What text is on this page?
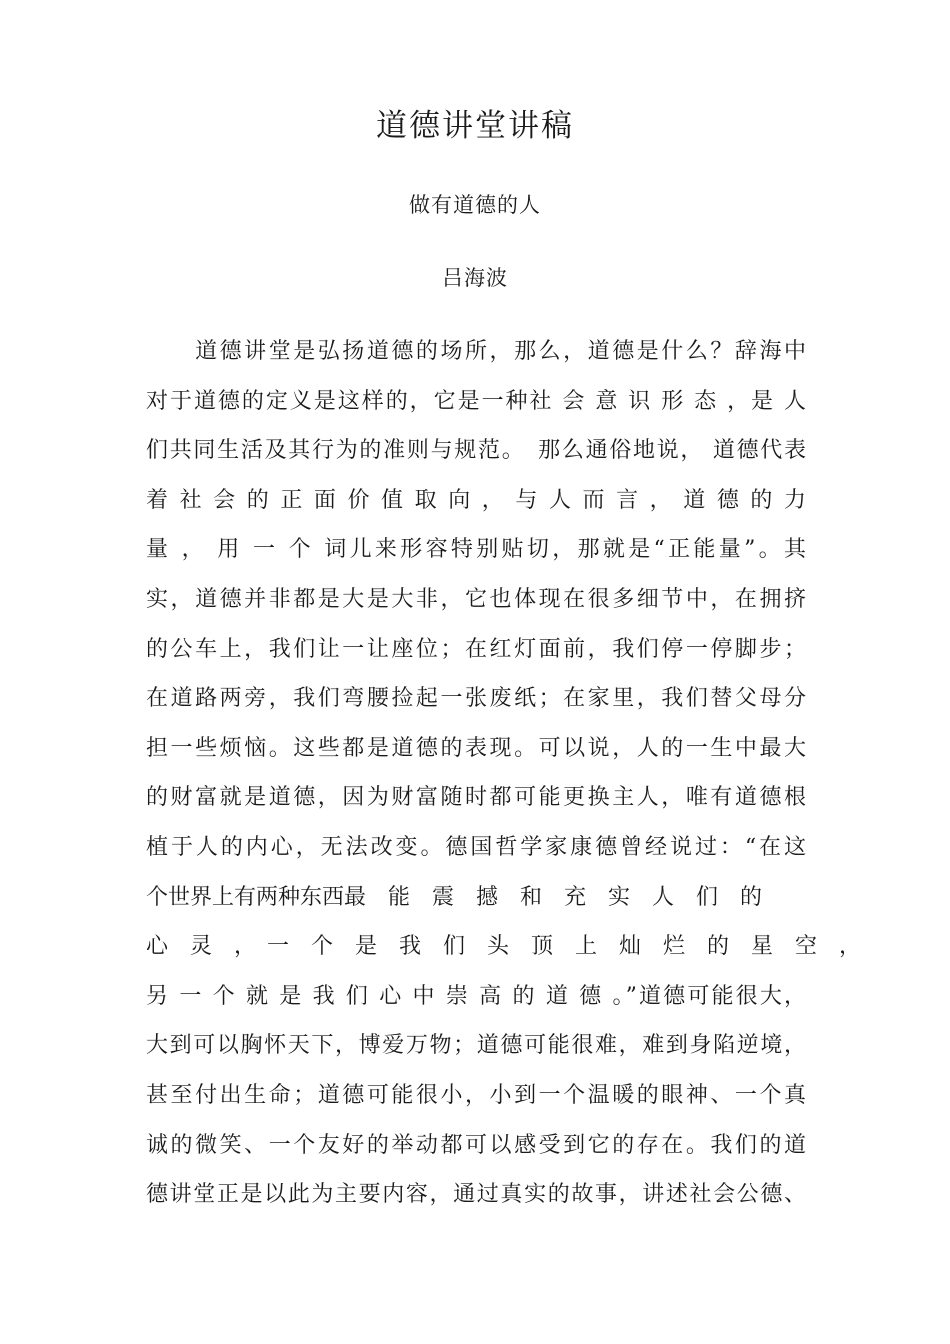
道德讲堂讲稿
做有道德的人
吕海波
　　道德讲堂是弘扬道德的场所，那么，道德是什么？辞海中
对于道德的定义是这样的，它是一种社 会 意 识 形 态 ，是 人
们共同生活及其行为的准则与规范。　那么通俗地说， 道德代表
着 社 会 的 正 面 价 值 取 向 ， 与 人 而 言 ， 道 德 的 力
量 ， 用 一 个 词儿来形容特别贴切，那就是“正能量”。其
实，道德并非都是大是大非，它也体现在很多细节中，在拥挤
的公车上，我们让一让座位；在红灯面前，我们停一停脚步；
在道路两旁，我们弯腰捡起一张废纸；在家里，我们替父母分
担一些烦恼。这些都是道德的表现。可以说，人的一生中最大
的财富就是道德，因为财富随时都可能更换主人，唯有道德根
植于人的内心，无法改变。德国哲学家康德曾经说过：“在这
个世界上有两种东西最　能　震　撼　和　充　实　人　们　的
心　灵　，　一　个　是　我　们　头　顶　上　灿　烂　的　星　空　，
另 一 个 就 是 我 们 心 中 崇 高 的 道 德 。”道德可能很大，
大到可以胸怀天下，博爱万物；道德可能很难，难到身陷逆境，
甚至付出生命；道德可能很小，小到一个温暖的眼神、一个真
诚的微笑、一个友好的举动都可以感受到它的存在。我们的道
德讲堂正是以此为主要内容，通过真实的故事，讲述社会公德、
